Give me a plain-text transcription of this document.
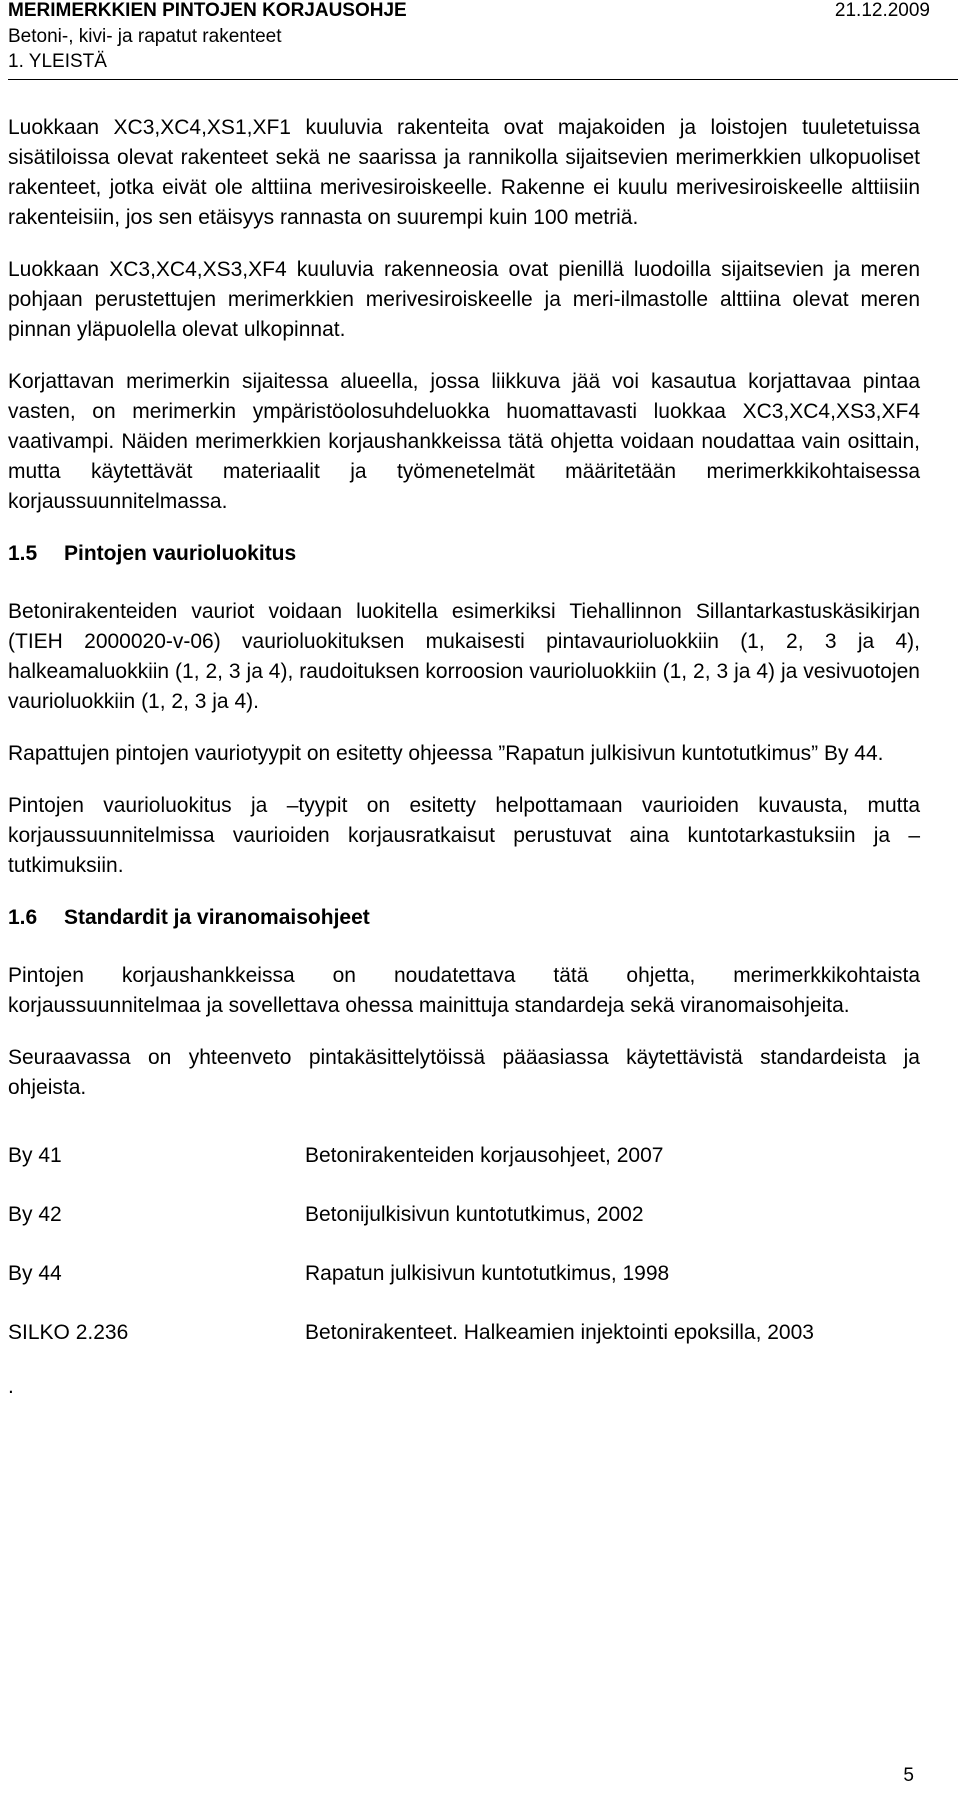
MERIMERKKIEN PINTOJEN KORJAUSOHJE	21.12.2009
Betoni-, kivi- ja rapatut rakenteet
1. YLEISTÄ

Luokkaan XC3,XC4,XS1,XF1 kuuluvia rakenteita ovat majakoiden ja loistojen tuuletetuissa sisätiloissa olevat rakenteet sekä ne saarissa ja rannikolla sijaitsevien merimerkkien ulkopuoliset rakenteet, jotka eivät ole alttiina merivesiroiskeelle. Rakenne ei kuulu merivesiroiskeelle alttiisiin rakenteisiin, jos sen etäisyys rannasta on suurempi kuin 100 metriä.

Luokkaan XC3,XC4,XS3,XF4 kuuluvia rakenneosia ovat pienillä luodoilla sijaitsevien ja meren pohjaan perustettujen merimerkkien merivesiroiskeelle ja meri-ilmastolle alttiina olevat meren pinnan yläpuolella olevat ulkopinnat.

Korjattavan merimerkin sijaitessa alueella, jossa liikkuva jää voi kasautua korjattavaa pintaa vasten, on merimerkin ympäristöolosuhdeluokka huomattavasti luokkaa XC3,XC4,XS3,XF4 vaativampi. Näiden merimerkkien korjaushankkeissa tätä ohjetta voidaan noudattaa vain osittain, mutta käytettävät materiaalit ja työmenetelmät määritetään merimerkkikohtaisessa korjaussuunnitelmassa.

1.5 Pintojen vaurioluokitus

Betonirakenteiden vauriot voidaan luokitella esimerkiksi Tiehallinnon Sillantarkastuskäsikirjan (TIEH 2000020-v-06) vaurioluokituksen mukaisesti pintavaurioluokkiin (1, 2, 3 ja 4), halkeamaluokkiin (1, 2, 3 ja 4), raudoituksen korroosion vaurioluokkiin (1, 2, 3 ja 4) ja vesivuotojen vaurioluokkiin (1, 2, 3 ja 4).

Rapattujen pintojen vauriotyypit on esitetty ohjeessa ”Rapatun julkisivun kuntotutkimus” By 44.

Pintojen vaurioluokitus ja –tyypit on esitetty helpottamaan vaurioiden kuvausta, mutta korjaussuunnitelmissa vaurioiden korjausratkaisut perustuvat aina kuntotarkastuksiin ja –tutkimuksiin.

1.6 Standardit ja viranomaisohjeet

Pintojen korjaushankkeissa on noudatettava tätä ohjetta, merimerkkikohtaista korjaussuunnitelmaa ja sovellettava ohessa mainittuja standardeja sekä viranomaisohjeita.

Seuraavassa on yhteenveto pintakäsittelytöissä pääasiassa käytettävistä standardeista ja ohjeista.

By 41	Betonirakenteiden korjausohjeet, 2007
By 42	Betonijulkisivun kuntotutkimus, 2002
By 44	Rapatun julkisivun kuntotutkimus, 1998
SILKO 2.236	Betonirakenteet. Halkeamien injektointi epoksilla, 2003
.
5
